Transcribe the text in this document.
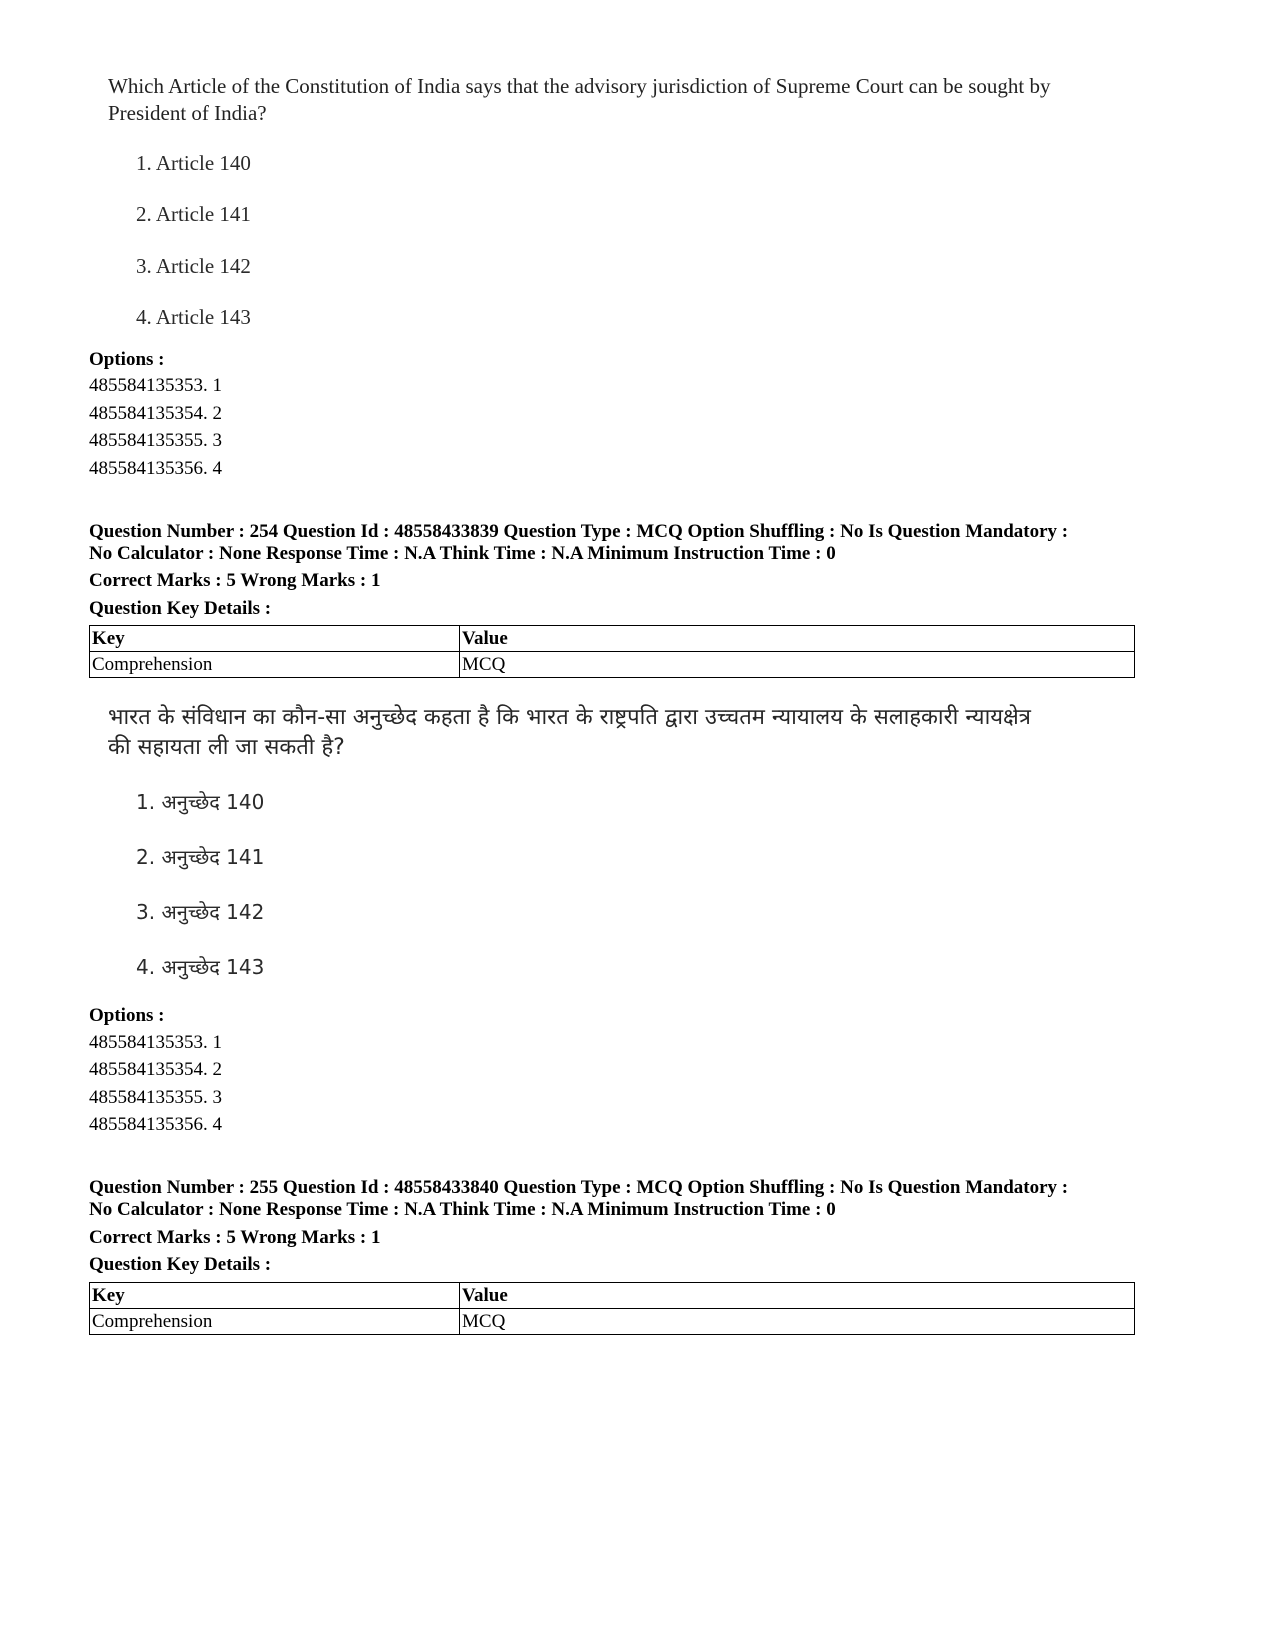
Which Article of the Constitution of India says that the advisory jurisdiction of Supreme Court can be sought by President of India?
1. Article 140
2. Article 141
3. Article 142
4. Article 143
Options :
485584135353. 1
485584135354. 2
485584135355. 3
485584135356. 4
Question Number : 254 Question Id : 48558433839 Question Type : MCQ Option Shuffling : No Is Question Mandatory :
No Calculator : None Response Time : N.A Think Time : N.A Minimum Instruction Time : 0
Correct Marks : 5 Wrong Marks : 1
Question Key Details :
Key	Value
Comprehension	MCQ
भारत के संविधान का कौन-सा अनुच्छेद कहता है कि भारत के राष्ट्रपति द्वारा उच्चतम न्यायालय के सलाहकारी न्यायक्षेत्र
की सहायता ली जा सकती है?
1. अनुच्छेद 140
2. अनुच्छेद 141
3. अनुच्छेद 142
4. अनुच्छेद 143
Options :
485584135353. 1
485584135354. 2
485584135355. 3
485584135356. 4
Question Number : 255 Question Id : 48558433840 Question Type : MCQ Option Shuffling : No Is Question Mandatory :
No Calculator : None Response Time : N.A Think Time : N.A Minimum Instruction Time : 0
Correct Marks : 5 Wrong Marks : 1
Question Key Details :
Key	Value
Comprehension	MCQ
